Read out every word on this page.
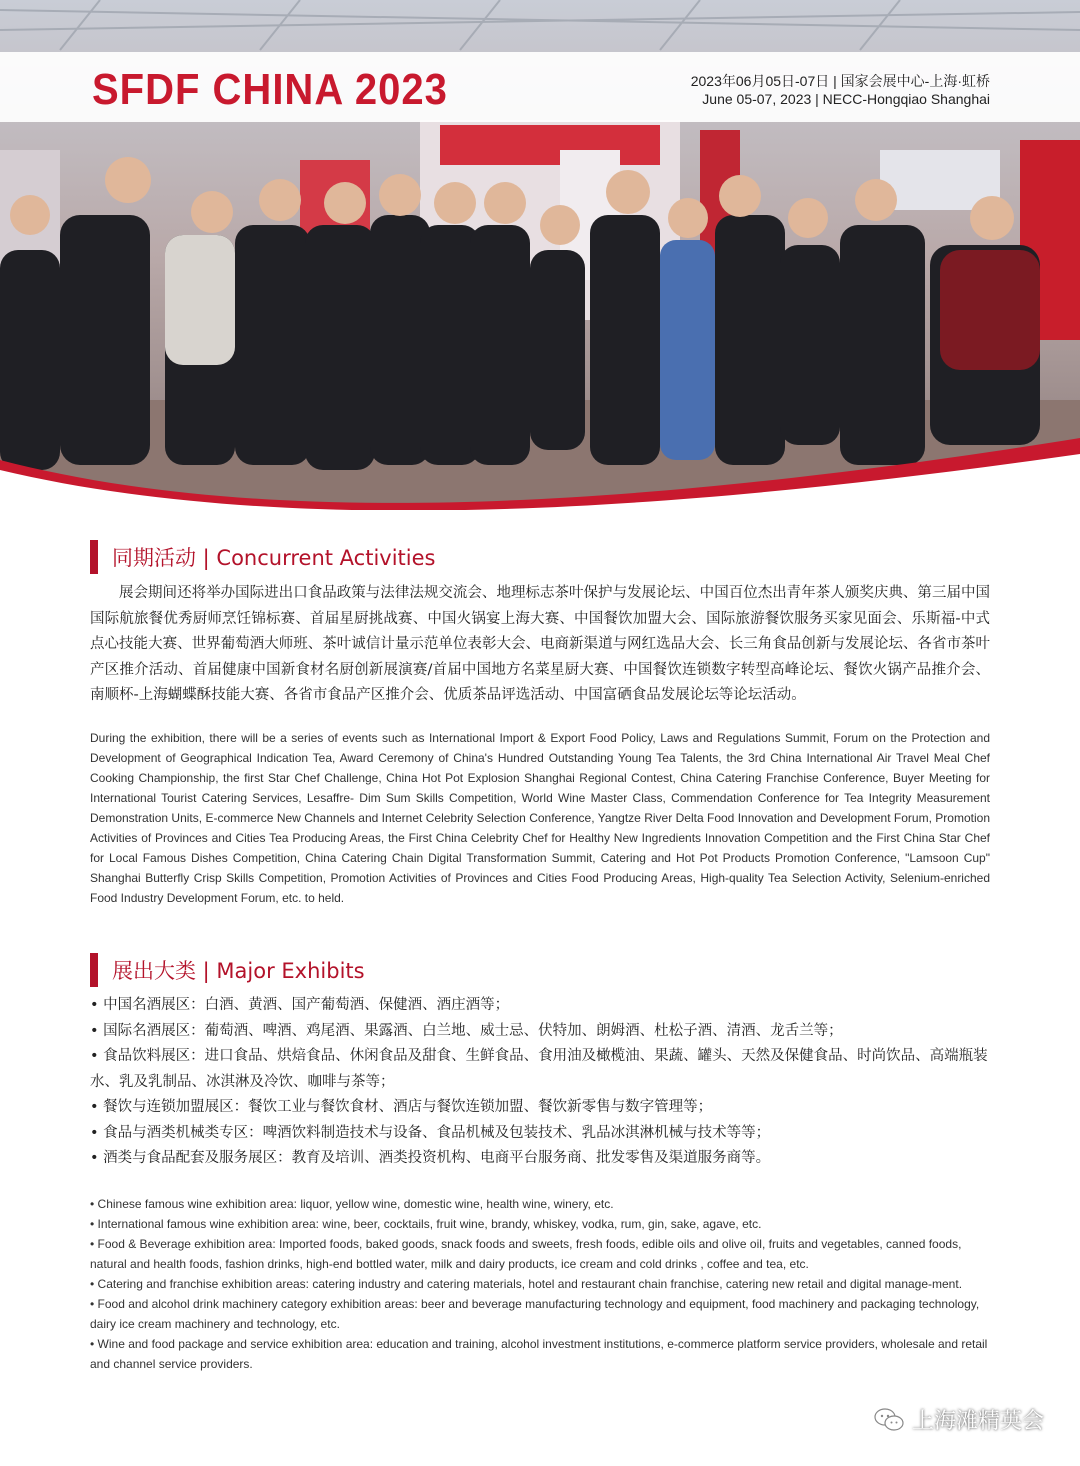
SFDF CHINA 2023	2023年06月05日-07日 | 国家会展中心-上海·虹桥
June 05-07, 2023 | NECC-Hongqiao Shanghai
同期活动 | Concurrent Activities

展会期间还将举办国际进出口食品政策与法律法规交流会、地理标志茶叶保护与发展论坛、中国百位杰出青年茶人颁奖庆典、第三届中国国际航旅餐优秀厨师烹饪锦标赛、首届星厨挑战赛、中国火锅宴上海大赛、中国餐饮加盟大会、国际旅游餐饮服务买家见面会、乐斯福-中式点心技能大赛、世界葡萄酒大师班、茶叶诚信计量示范单位表彰大会、电商新渠道与网红选品大会、长三角食品创新与发展论坛、各省市茶叶产区推介活动、首届健康中国新食材名厨创新展演赛/首届中国地方名菜星厨大赛、中国餐饮连锁数字转型高峰论坛、餐饮火锅产品推介会、南顺杯-上海蝴蝶酥技能大赛、各省市食品产区推介会、优质茶品评选活动、中国富硒食品发展论坛等论坛活动。

During the exhibition, there will be a series of events such as International Import & Export Food Policy, Laws and Regulations Summit, Forum on the Protection and Development of Geographical Indication Tea, Award Ceremony of China's Hundred Outstanding Young Tea Talents, the 3rd China International Air Travel Meal Chef Cooking Championship, the first Star Chef Challenge, China Hot Pot Explosion Shanghai Regional Contest, China Catering Franchise Conference, Buyer Meeting for International Tourist Catering Services, Lesaffre- Dim Sum Skills Competition, World Wine Master Class, Commendation Conference for Tea Integrity Measurement Demonstration Units, E-commerce New Channels and Internet Celebrity Selection Conference, Yangtze River Delta Food Innovation and Development Forum, Promotion Activities of Provinces and Cities Tea Producing Areas, the First China Celebrity Chef for Healthy New Ingredients Innovation Competition and the First China Star Chef for Local Famous Dishes Competition, China Catering Chain Digital Transformation Summit, Catering and Hot Pot Products Promotion Conference, "Lamsoon Cup" Shanghai Butterfly Crisp Skills Competition, Promotion Activities of Provinces and Cities Food Producing Areas, High-quality Tea Selection Activity, Selenium-enriched Food Industry Development Forum, etc. to held.

展出大类 | Major Exhibits
• 中国名酒展区：白酒、黄酒、国产葡萄酒、保健酒、酒庄酒等；
• 国际名酒展区：葡萄酒、啤酒、鸡尾酒、果露酒、白兰地、威士忌、伏特加、朗姆酒、杜松子酒、清酒、龙舌兰等；
• 食品饮料展区：进口食品、烘焙食品、休闲食品及甜食、生鲜食品、食用油及橄榄油、果蔬、罐头、天然及保健食品、时尚饮品、高端瓶装水、乳及乳制品、冰淇淋及冷饮、咖啡与茶等；
• 餐饮与连锁加盟展区：餐饮工业与餐饮食材、酒店与餐饮连锁加盟、餐饮新零售与数字管理等；
• 食品与酒类机械类专区：啤酒饮料制造技术与设备、食品机械及包装技术、乳品冰淇淋机械与技术等等；
• 酒类与食品配套及服务展区：教育及培训、酒类投资机构、电商平台服务商、批发零售及渠道服务商等。
• Chinese famous wine exhibition area: liquor, yellow wine, domestic wine, health wine, winery, etc.
• International famous wine exhibition area: wine, beer, cocktails, fruit wine, brandy, whiskey, vodka, rum, gin, sake, agave, etc.
• Food & Beverage exhibition area: Imported foods, baked goods, snack foods and sweets, fresh foods, edible oils and olive oil, fruits and vegetables, canned foods, natural and health foods, fashion drinks, high-end bottled water, milk and dairy products, ice cream and cold drinks , coffee and tea, etc.
• Catering and franchise exhibition areas: catering industry and catering materials, hotel and restaurant chain franchise, catering new retail and digital manage-ment.
• Food and alcohol drink machinery category exhibition areas: beer and beverage manufacturing technology and equipment, food machinery and packaging technology, dairy ice cream machinery and technology, etc.
• Wine and food package and service exhibition area: education and training, alcohol investment institutions, e-commerce platform service providers, wholesale and retail and channel service providers.
上海滩精英会
